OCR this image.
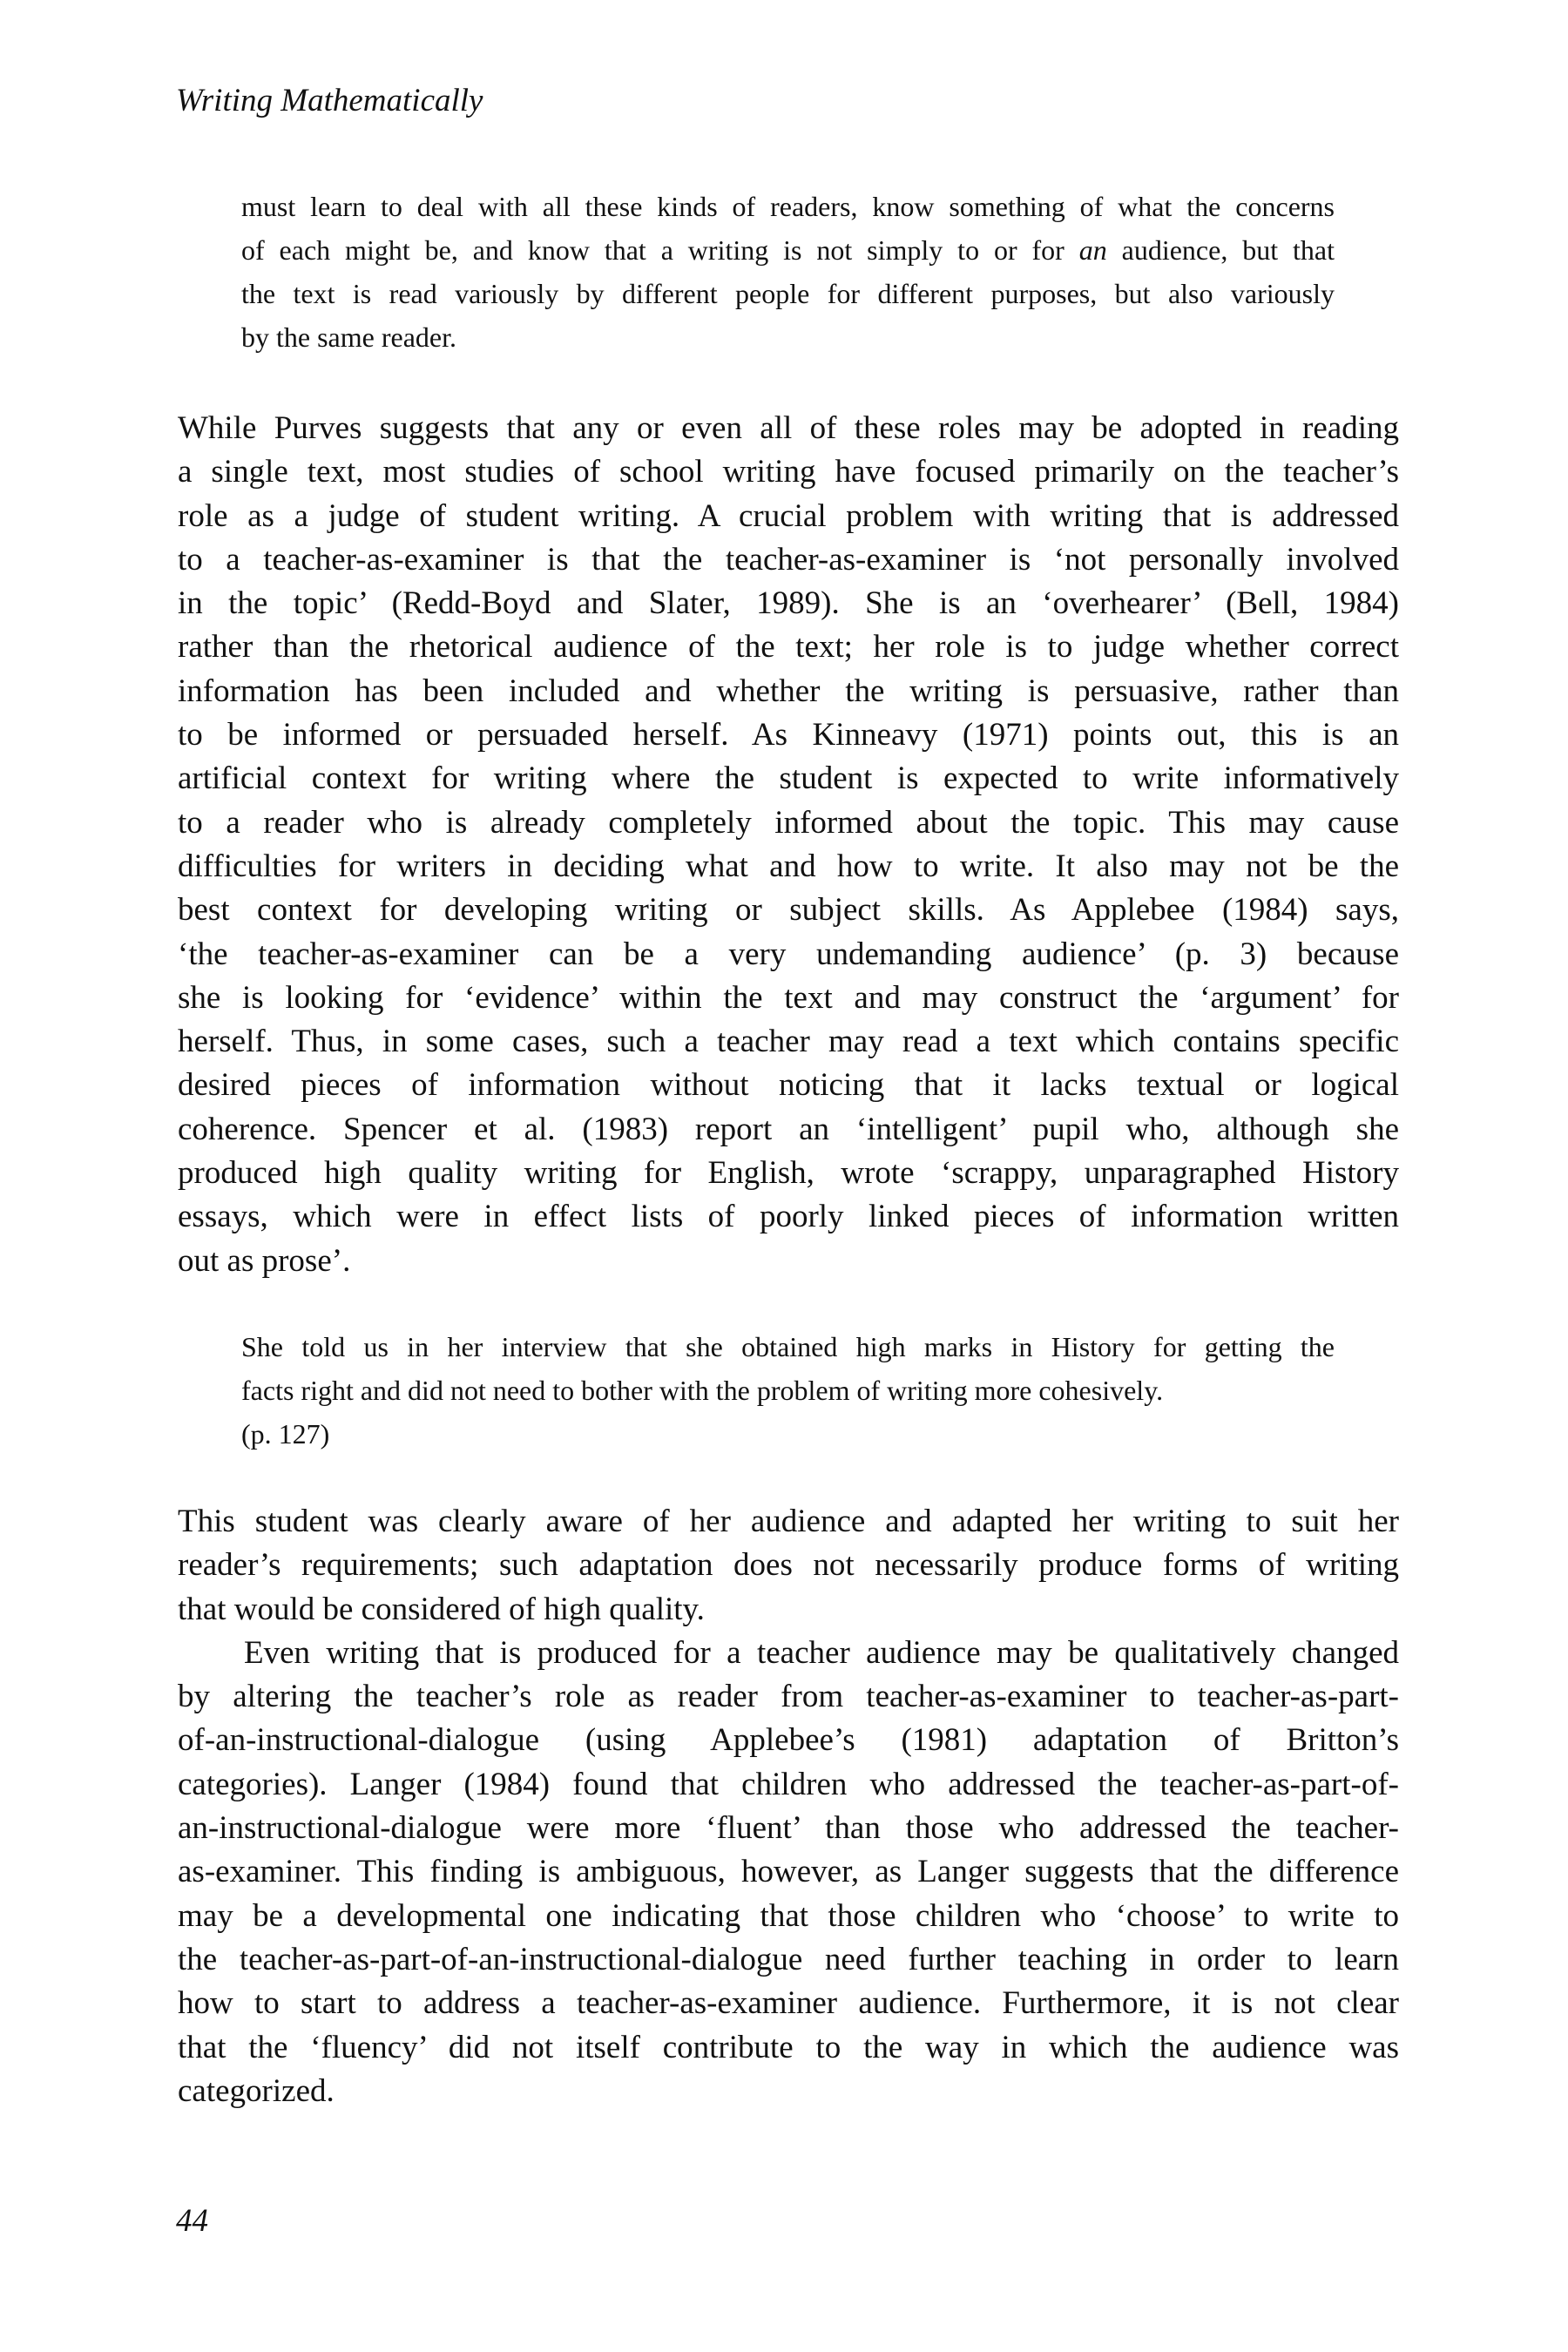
Writing Mathematically
must learn to deal with all these kinds of readers, know something of what the concerns
of each might be, and know that a writing is not simply to or for an audience, but that
the text is read variously by different people for different purposes, but also variously
by the same reader.
While Purves suggests that any or even all of these roles may be adopted in reading
a single text, most studies of school writing have focused primarily on the teacher’s
role as a judge of student writing. A crucial problem with writing that is addressed
to a teacher-as-examiner is that the teacher-as-examiner is ‘not personally involved
in the topic’ (Redd-Boyd and Slater, 1989). She is an ‘overhearer’ (Bell, 1984)
rather than the rhetorical audience of the text; her role is to judge whether correct
information has been included and whether the writing is persuasive, rather than
to be informed or persuaded herself. As Kinneavy (1971) points out, this is an
artificial context for writing where the student is expected to write informatively
to a reader who is already completely informed about the topic. This may cause
difficulties for writers in deciding what and how to write. It also may not be the
best context for developing writing or subject skills. As Applebee (1984) says,
‘the teacher-as-examiner can be a very undemanding audience’ (p. 3) because
she is looking for ‘evidence’ within the text and may construct the ‘argument’ for
herself. Thus, in some cases, such a teacher may read a text which contains specific
desired pieces of information without noticing that it lacks textual or logical
coherence. Spencer et al. (1983) report an ‘intelligent’ pupil who, although she
produced high quality writing for English, wrote ‘scrappy, unparagraphed History
essays, which were in effect lists of poorly linked pieces of information written
out as prose’.
She told us in her interview that she obtained high marks in History for getting the
facts right and did not need to bother with the problem of writing more cohesively.
(p. 127)
This student was clearly aware of her audience and adapted her writing to suit her
reader’s requirements; such adaptation does not necessarily produce forms of writing
that would be considered of high quality.
Even writing that is produced for a teacher audience may be qualitatively changed
by altering the teacher’s role as reader from teacher-as-examiner to teacher-as-part-
of-an-instructional-dialogue (using Applebee’s (1981) adaptation of Britton’s
categories). Langer (1984) found that children who addressed the teacher-as-part-of-
an-instructional-dialogue were more ‘fluent’ than those who addressed the teacher-
as-examiner. This finding is ambiguous, however, as Langer suggests that the difference
may be a developmental one indicating that those children who ‘choose’ to write to
the teacher-as-part-of-an-instructional-dialogue need further teaching in order to learn
how to start to address a teacher-as-examiner audience. Furthermore, it is not clear
that the ‘fluency’ did not itself contribute to the way in which the audience was
categorized.
44
